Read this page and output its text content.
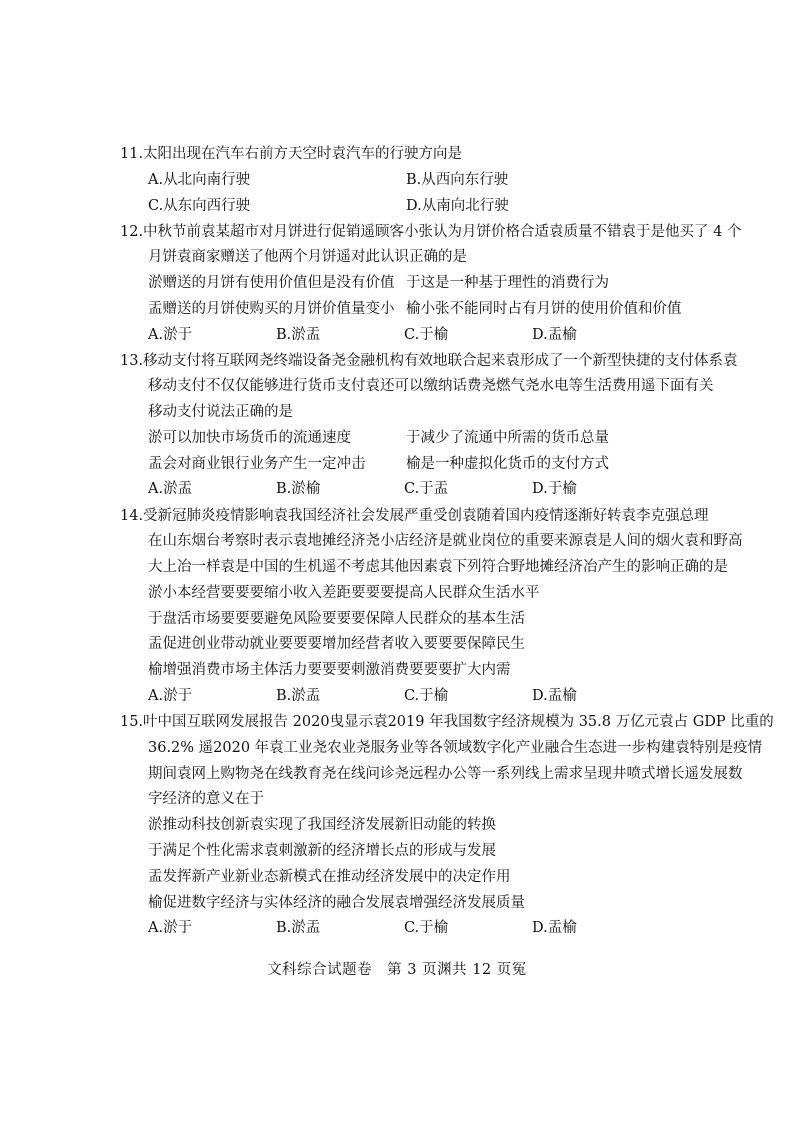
11.太阳出现在汽车右前方天空时袁汽车的行驶方向是
A.从北向南行驶	B.从西向东行驶
C.从东向西行驶	D.从南向北行驶
12.中秋节前袁某超市对月饼进行促销遥顾客小张认为月饼价格合适袁质量不错袁于是他买了 4 个
月饼袁商家赠送了他两个月饼遥对此认识正确的是
淤赠送的月饼有使用价值但是没有价值 于这是一种基于理性的消费行为
盂赠送的月饼使购买的月饼价值量变小 榆小张不能同时占有月饼的使用价值和价值
A.淤于	B.淤盂	C.于榆	D.盂榆
13.移动支付将互联网尧终端设备尧金融机构有效地联合起来袁形成了一个新型快捷的支付体系袁
移动支付不仅仅能够进行货币支付袁还可以缴纳话费尧燃气尧水电等生活费用遥下面有关
移动支付说法正确的是
淤可以加快市场货币的流通速度	于减少了流通中所需的货币总量
盂会对商业银行业务产生一定冲击	榆是一种虚拟化货币的支付方式
A.淤盂	B.淤榆	C.于盂	D.于榆
14.受新冠肺炎疫情影响袁我国经济社会发展严重受创袁随着国内疫情逐渐好转袁李克强总理
在山东烟台考察时表示袁地摊经济尧小店经济是就业岗位的重要来源袁是人间的烟火袁和野高
大上冶一样袁是中国的生机遥不考虑其他因素袁下列符合野地摊经济冶产生的影响正确的是
淤小本经营要要要缩小收入差距要要要提高人民群众生活水平
于盘活市场要要要避免风险要要要保障人民群众的基本生活
盂促进创业带动就业要要要增加经营者收入要要要保障民生
榆增强消费市场主体活力要要要刺激消费要要要扩大内需
A.淤于	B.淤盂	C.于榆	D.盂榆
15.叶中国互联网发展报告 2020曳显示袁2019 年我国数字经济规模为 35.8 万亿元袁占 GDP 比重的
36.2% 遥2020 年袁工业尧农业尧服务业等各领域数字化产业融合生态进一步构建袁特别是疫情
期间袁网上购物尧在线教育尧在线问诊尧远程办公等一系列线上需求呈现井喷式增长遥发展数
字经济的意义在于
淤推动科技创新袁实现了我国经济发展新旧动能的转换
于满足个性化需求袁刺激新的经济增长点的形成与发展
盂发挥新产业新业态新模式在推动经济发展中的决定作用
榆促进数字经济与实体经济的融合发展袁增强经济发展质量
A.淤于	B.淤盂	C.于榆	D.盂榆
文科综合试题卷　第 3 页渊共 12 页冤
